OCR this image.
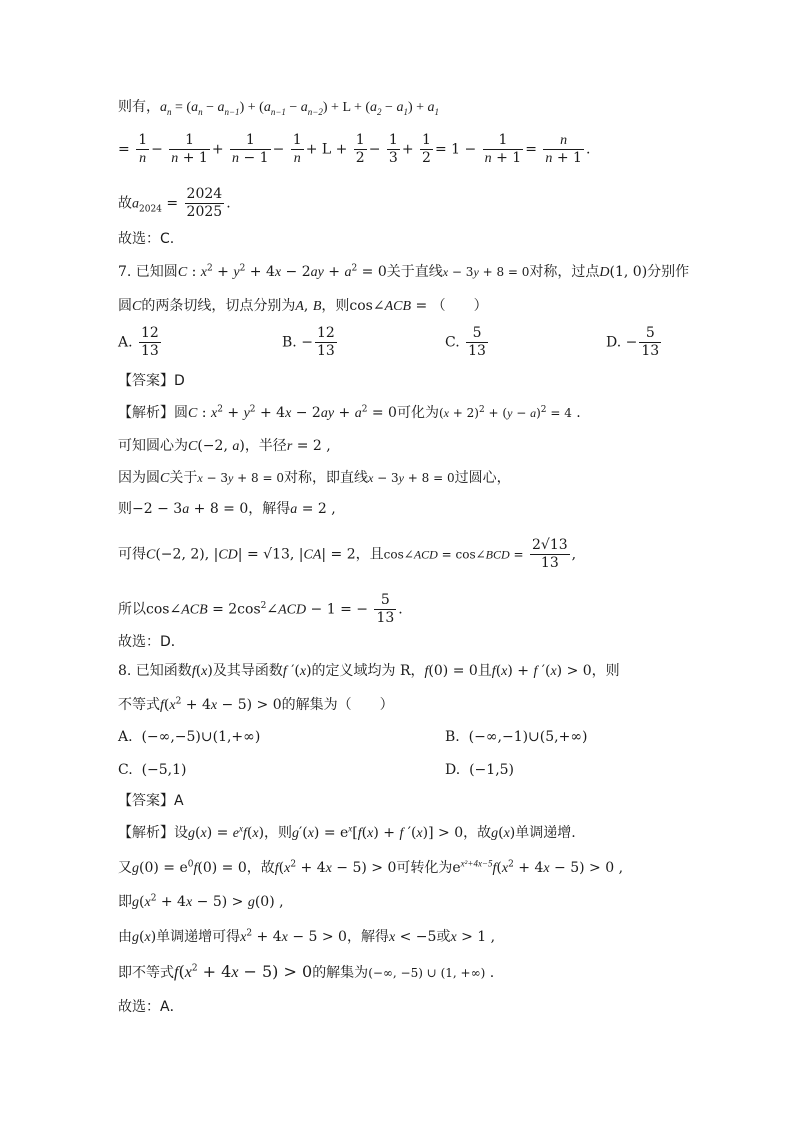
则有，$a_n = (a_n - a_{n-1}) + (a_{n-1} - a_{n-2}) + L + (a_2 - a_1) + a_1$
= $\frac{1}{n} - \frac{1}{n + 1} + \frac{1}{n - 1} - \frac{1}{n} + L + \frac{1}{2} - \frac{1}{3} + \frac{1}{2} = 1 - \frac{1}{n + 1} = \frac{n}{n + 1}$ .
故$a_{2024} = \frac{2024}{2025}$ .
故选：C.
7. 已知圆C : $x^2 + y^2 + 4x - 2ay + a^2 = 0$关于直线x − 3y + 8 = 0对称，过点D(1, 0)分别作
圆C的两条切线，切点分别为A, B，则cos∠ACB = （　　）
A. $\frac{12}{13}$	B. − $\frac{12}{13}$	C. $\frac{5}{13}$	D. − $\frac{5}{13}$
【答案】D
【解析】圆C : $x^2 + y^2 + 4x - 2ay + a^2 = 0$可化为$(x + 2)^2 + (y - a)^2 = 4$ .
可知圆心为C(−2, a)，半径r = 2 ,
因为圆C关于x − 3y + 8 = 0对称，即直线x − 3y + 8 = 0过圆心，
则−2 − 3a + 8 = 0，解得a = 2 ,
可得C(−2, 2), |CD| = √13, |CA| = 2，且cos∠ACD = cos∠BCD = $\frac{2√13}{13}$ ,
所以cos∠ACB = $2\cos^2\angle ACD - 1$ = − $\frac{5}{13}$ .
故选：D．
8. 已知函数f(x)及其导函数f ′(x)的定义域均为 R，f(0) = 0且f(x) + f ′(x) > 0，则
不等式$f(x^2 + 4x - 5) > 0$的解集为（　　）
A. (−∞,−5)∪(1,+∞)	B. (−∞,−1)∪(5,+∞)
C. (−5,1)	D. (−1,5)
【答案】A
【解析】设$g(x) = e^xf(x)$，则$g'(x) = e^x[f(x) + f$ ′(x)] > 0，故g(x)单调递增.
又$g(0) = e^0f(0) = 0$，故$f(x^2 + 4x - 5) > 0$可转化为$e^{x^2+4x-5}f(x^2 + 4x - 5) > 0$ ,
即$g(x^2 + 4x - 5) > g(0)$ ,
由g(x)单调递增可得$x^2 + 4x - 5 > 0$，解得x < −5或x > 1 ,
即不等式$f(x^2 + 4x - 5) > 0$的解集为(−∞, −5) ∪ (1, +∞) .
故选：A．
